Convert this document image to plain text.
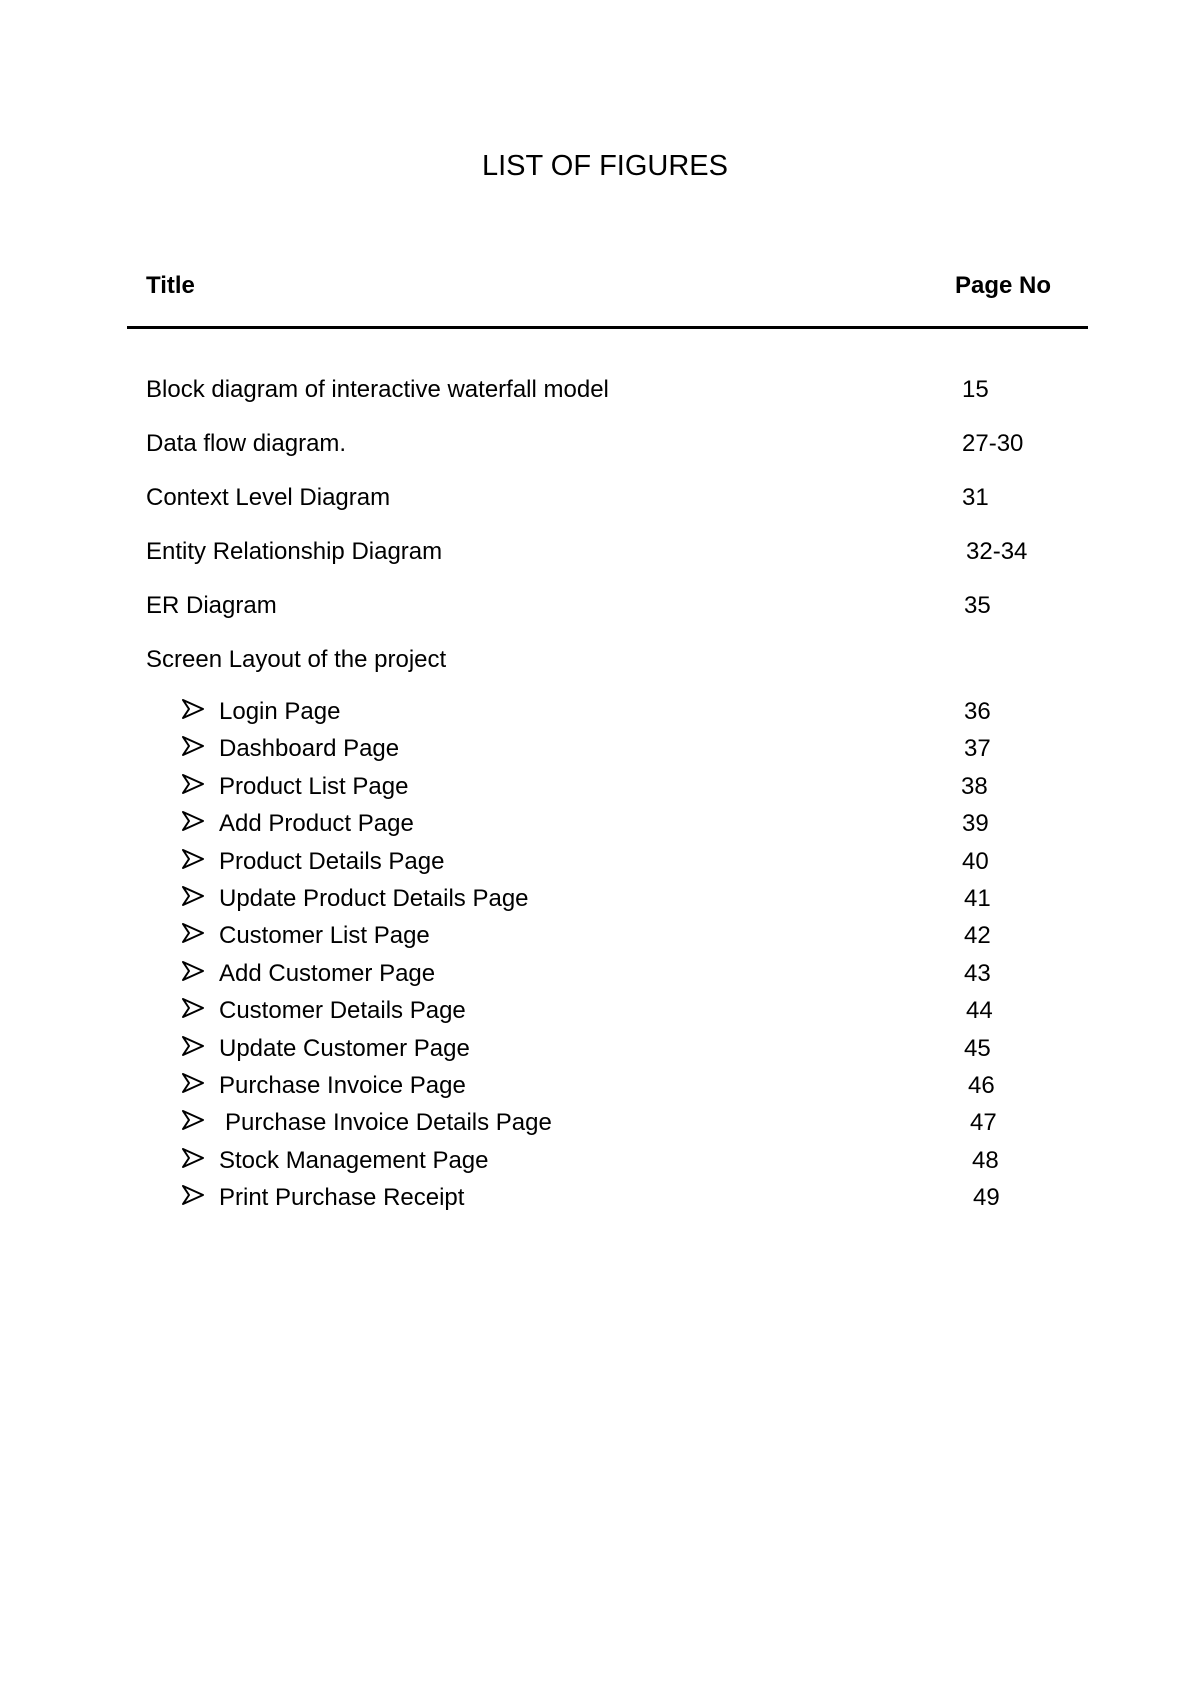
LIST OF FIGURES
Title	Page No
Block diagram of interactive waterfall model	15
Data flow diagram.	27-30
Context Level Diagram	31
Entity Relationship Diagram	32-34
ER Diagram	35
Screen Layout of the project
Login Page	36
Dashboard Page	37
Product List Page	38
Add Product Page	39
Product Details Page	40
Update Product Details Page	41
Customer List Page	42
Add Customer Page	43
Customer Details Page	44
Update Customer Page	45
Purchase Invoice Page	46
Purchase Invoice Details Page	47
Stock Management Page	48
Print Purchase Receipt	49
